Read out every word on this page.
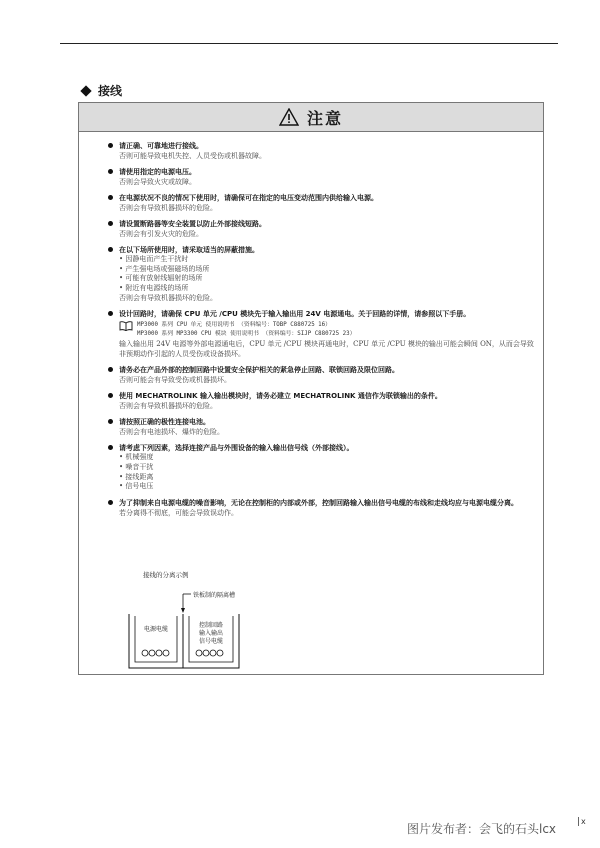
接线
注意
请正确、可靠地进行接线。
否则可能导致电机失控、人员受伤或机器故障。
请使用指定的电源电压。
否则会导致火灾或故障。
在电源状况不良的情况下使用时，请确保可在指定的电压变动范围内供给输入电源。
否则会有导致机器损坏的危险。
请设置断路器等安全装置以防止外部接线短路。
否则会有引发火灾的危险。
在以下场所使用时，请采取适当的屏蔽措施。
• 因静电而产生干扰时
• 产生强电场或强磁场的场所
• 可能有放射线辐射的场所
• 附近有电源线的场所
否则会有导致机器损坏的危险。
设计回路时，请确保 CPU 单元 /CPU 模块先于输入输出用 24V 电源通电。关于回路的详情，请参照以下手册。
MP3000 系列 CPU 单元 使用说明书 （资料编号：TOBP C880725 16）
MP3000 系列 MP3300 CPU 模块 使用说明书 （资料编号：SIJP C880725 23）
输入输出用 24V 电源等外部电源通电后，CPU 单元 /CPU 模块再通电时，CPU 单元 /CPU 模块的输出可能会瞬间 ON，从而会导致非预期动作引起的人员受伤或设备损坏。
请务必在产品外部的控制回路中设置安全保护相关的紧急停止回路、联锁回路及限位回路。
否则可能会有导致受伤或机器损坏。
使用 MECHATROLINK 输入输出模块时，请务必建立 MECHATROLINK 通信作为联锁输出的条件。
否则会有导致机器损坏的危险。
请按照正确的极性连接电池。
否则会有电池损坏、爆炸的危险。
请考虑下列因素，选择连接产品与外围设备的输入输出信号线（外部接线）。
• 机械强度
• 噪音干扰
• 接线距离
• 信号电压
为了抑制来自电源电缆的噪音影响，无论在控制柜的内部或外部，控制回路输入输出信号电缆的布线和走线均应与电源电缆分离。
若分离得不彻底，可能会导致误动作。
接线的分离示例
铁板制的隔离槽
电源电缆
控制回路
输入输出
信号电缆
图片发布者：会飞的石头lcx
x
